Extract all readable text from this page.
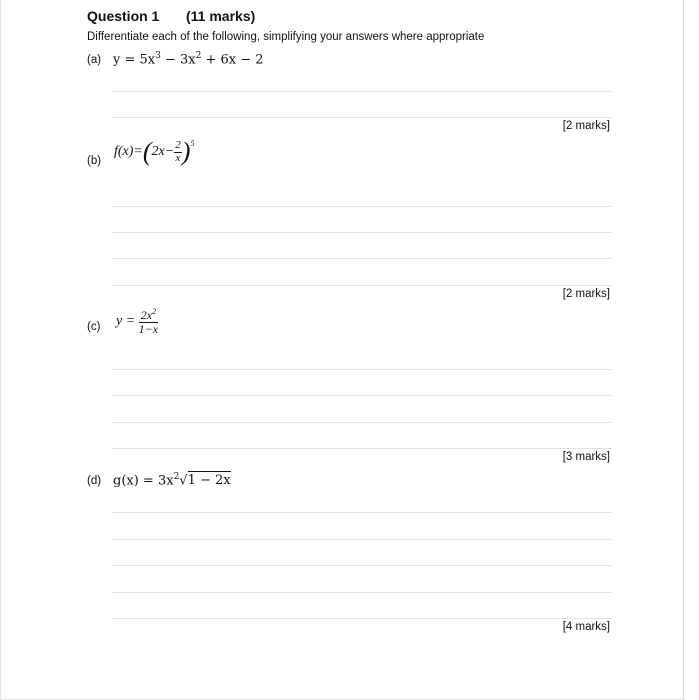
Question 1 (11 marks)
Differentiate each of the following, simplifying your answers where appropriate
(a) $y = 5x^3 - 3x^2 + 6x - 2$
[2 marks]
(b)
$f(x)=(2x- \frac{2}{x} )^5$
[2 marks]
(c) $y = \frac{2x^2}{1-x}$
[3 marks]
(d) $g(x) = 3x^2√1 - 2x$
[4 marks]
